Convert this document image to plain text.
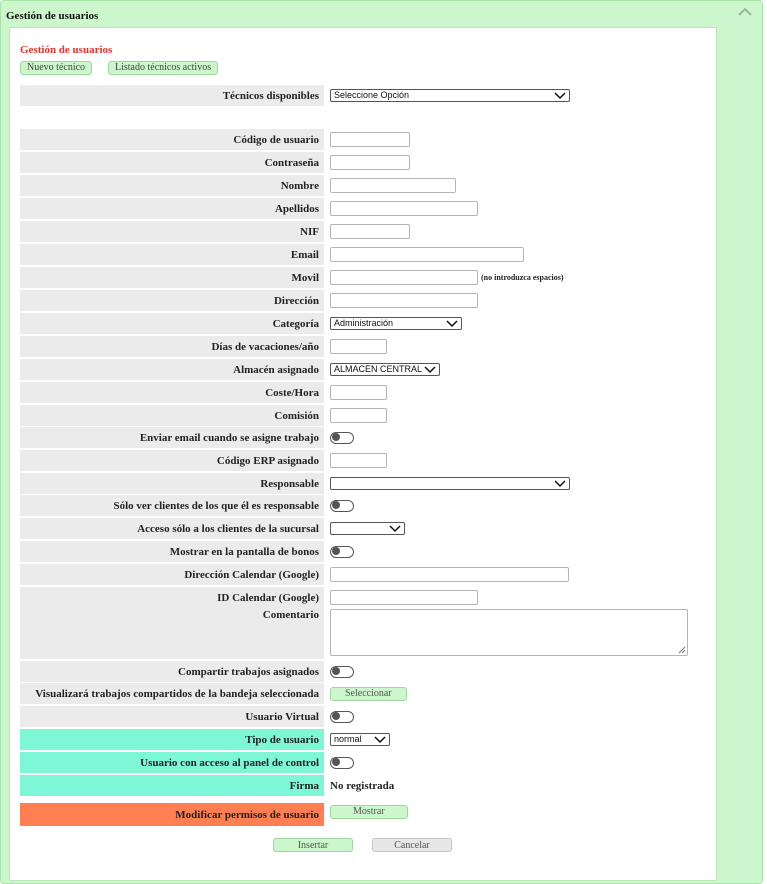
Gestión de usuarios
Gestión de usuarios
Nuevo técnico	Listado técnicos activos
Técnicos disponibles	Seleccione Opción
Código de usuario
Contraseña
Nombre
Apellidos
NIF
Email
Movil	(no introduzca espacios)
Dirección
Categoría	Administración
Días de vacaciones/año
Almacén asignado	ALMACEN CENTRAL
Coste/Hora
Comisión
Enviar email cuando se asigne trabajo
Código ERP asignado
Responsable
Sólo ver clientes de los que él es responsable
Acceso sólo a los clientes de la sucursal
Mostrar en la pantalla de bonos
Dirección Calendar (Google)
ID Calendar (Google)
Comentario
Compartir trabajos asignados
Visualizará trabajos compartidos de la bandeja seleccionada	Seleccionar
Usuario Virtual
Tipo de usuario	normal
Usuario con acceso al panel de control
Firma	No registrada
Modificar permisos de usuario	Mostrar
Insertar	Cancelar
